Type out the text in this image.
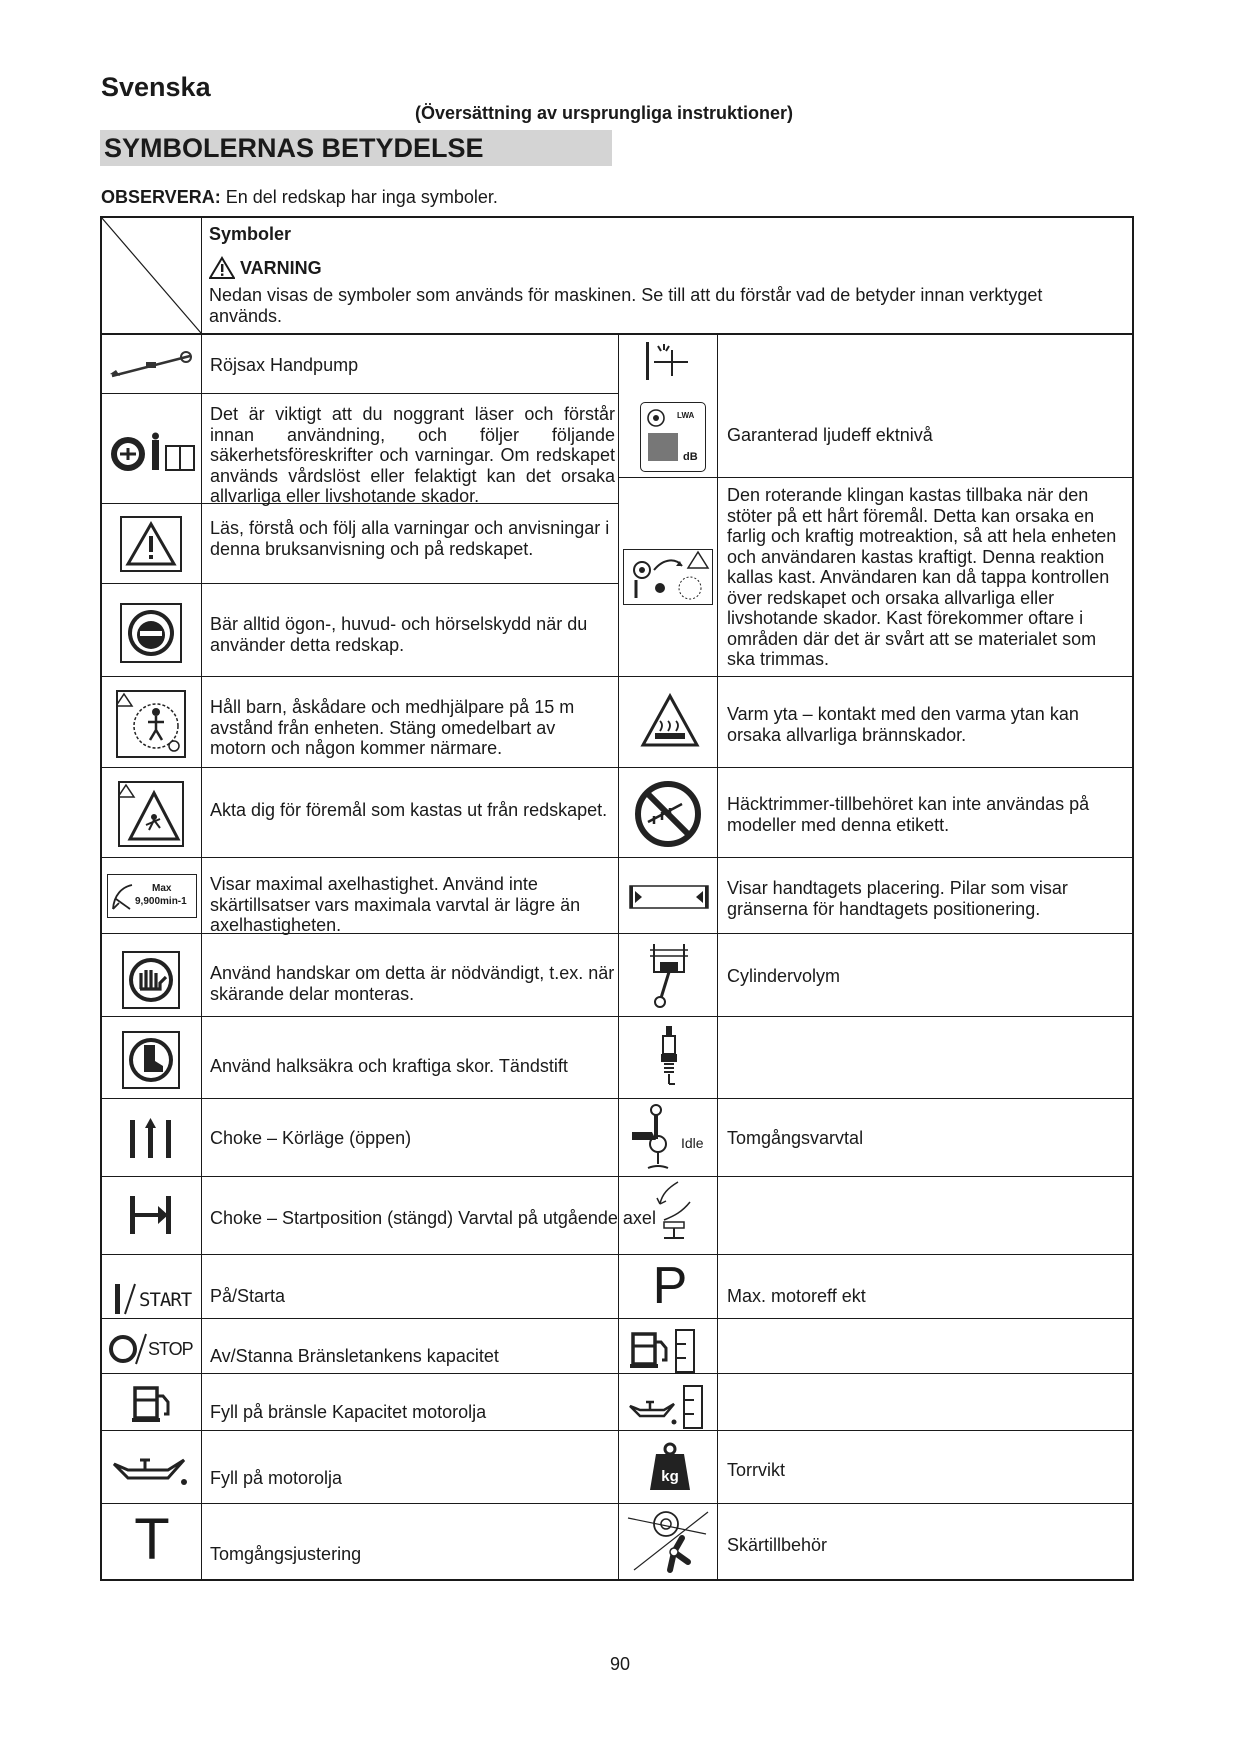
Svenska
(Översättning av ursprungliga instruktioner)
SYMBOLERNAS BETYDELSE
OBSERVERA: En del redskap har inga symboler.
Symboler
VARNING
Nedan visas de symboler som används för maskinen. Se till att du förstår vad de betyder innan verktyget används.
Röjsax Handpump
Det är viktigt att du noggrant läser och förstår innan användning, och följer följande säkerhetsföreskrifter och varningar. Om redskapet används vårdslöst eller felaktigt kan det orsaka allvarliga eller livshotande skador.
Läs, förstå och följ alla varningar och anvisningar i denna bruksanvisning och på redskapet.
Bär alltid ögon-, huvud- och hörselskydd när du använder detta redskap.
Håll barn, åskådare och medhjälpare på 15 m avstånd från enheten. Stäng omedelbart av motorn och någon kommer närmare.
Akta dig för föremål som kastas ut från redskapet.
Max
9,900min-1
Visar maximal axelhastighet. Använd inte skärtillsatser vars maximala varvtal är lägre än axelhastigheten.
Använd handskar om detta är nödvändigt, t.ex. när skärande delar monteras.
Använd halksäkra och kraftiga skor. Tändstift
Choke – Körläge (öppen)
Choke – Startposition (stängd) Varvtal på utgående axel
START På/Starta
STOP Av/Stanna Bränsletankens kapacitet
Fyll på bränsle Kapacitet motorolja
Fyll på motorolja
T	Tomgångsjustering
LWA
dB
Garanterad ljudeff ektnivå
Den roterande klingan kastas tillbaka när den stöter på ett hårt föremål. Detta kan orsaka en farlig och kraftig motreaktion, så att hela enheten och användaren kastas kraftigt. Denna reaktion kallas kast. Användaren kan då tappa kontrollen över redskapet och orsaka allvarliga eller livshotande skador. Kast förekommer oftare i områden där det är svårt att se materialet som ska trimmas.
Varm yta – kontakt med den varma ytan kan orsaka allvarliga brännskador.
Häcktrimmer-tillbehöret kan inte användas på modeller med denna etikett.
Visar handtagets placering. Pilar som visar gränserna för handtagets positionering.
Cylindervolym
Idle Tomgångsvarvtal
P Max. motoreff ekt
kg	Torrvikt
Skärtillbehör
90
